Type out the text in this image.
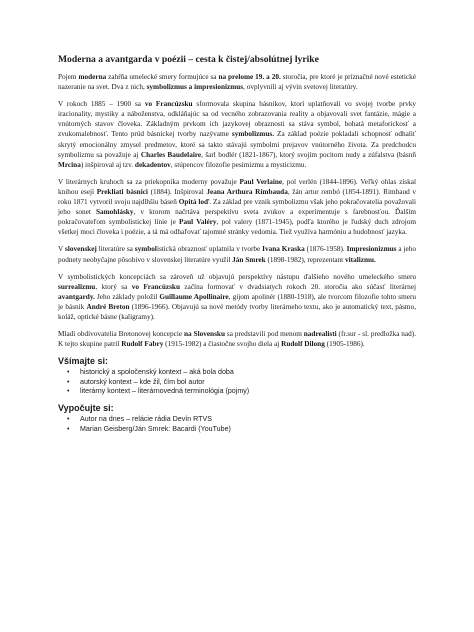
Moderna a avantgarda v poézii – cesta k čistej/absolútnej lyrike

Pojem moderna zahŕňa umelecké smery formujúce sa na prelome 19. a 20. storočia, pre ktoré je príznačné nové estetické nazeranie na svet. Dva z nich, symbolizmus a impresionizmus, ovplyvnili aj vývin svetovej literatúry.

V rokoch 1885 – 1900 sa vo Francúzsku sformovala skupina básnikov, ktorí uplatňovali vo svojej tvorbe prvky iracionality, mystiky a náboženstva, odkláňajúc sa od vecného zobrazovania reality a objavovali svet fantázie, mágie a vnútorných stavov človeka. Základným prvkom ich jazykovej obraznosti sa stáva symbol, bohatá metaforickosť a zvukomalebnosť. Tento prúd básnickej tvorby nazývame symbolizmus. Za základ poézie pokladali schopnosť odhaliť skrytý emocionálny zmysel predmetov, ktoré sa takto stávajú symbolmi prejavov vnútorného života. Za predchodcu symbolizmu sa považuje aj Charles Baudelaire, šarl bodlér (1821-1867), ktorý svojím pocitom nudy a zúfalstva (básnň Mrcina) inšpiroval aj tzv. dekadentov, stúpencov filozofie pesimizmu a mysticizmu.

V literárnych kruhoch sa za priekopníka moderny považuje Paul Verlaine, pol verlén (1844-1896). Veľký ohlas získal knihou esejí Prekliati básnici (1884). Inšpiroval Jeana Arthura Rimbauda, žán artur rembó (1854-1891). Rimbaud v roku 1871 vytvoril svoju najdlhšiu báseň Opitá loď. Za základ pre vznik symbolizmu však jeho pokračovatelia považovali jeho sonet Samohlásky, v ktorom načrtáva perspektívu sveta zvukov a experimentuje s farebnosťou. Ďalším pokračovateľom symbolistickej línie je Paul Valéry, pol valery (1871-1945), podľa ktorého je ľudský duch zdrojom všetkej moci človeka i poézie, a tá má odhaľovať tajomné stránky vedomia. Tiež využíva harmóniu a hudobnosť jazyka.

V slovenskej literatúre sa symbolistická obraznosť uplatnila v tvorbe Ivana Kraska (1876-1958). Impresionizmus a jeho podnety neobyčajne pôsobivo v slovenskej literatúre využil Ján Smrek (1898-1982), reprezentant vitalizmu.

V symbolistických koncepciách sa zároveň už objavujú perspektívy nástupu ďalšieho nového umeleckého smeru surrealizmu, ktorý sa vo Francúzsku začína formovať v dvadsiatych rokoch 20. storočia ako súčasť literárnej avantgardy. Jeho základy položil Guillaume Apollinaire, gijom apolinér (1880-1918), ale tvorcom filozofie tohto smeru je básnik André Breton (1896-1966). Objavujú sa nové metódy tvorby literárneho textu, ako je automatický text, pásmo, koláž, optické básne (kaligramy).

Mladí obdivovatelia Bretonovej koncepcie na Slovensku sa predstavili pod menom nadrealisti (fr.sur - sl. predložka nad). K tejto skupine patril Rudolf Fabry (1915-1982) a čiastočne svojho diela aj Rudolf Dilong (1905-1986).

Všímajte si:
• historický a spoločenský kontext – aká bola doba
• autorský kontext – kde žil, čím bol autor
• literárny kontext – literárnovedná terminológia (pojmy)
Vypočujte si:
• Autor na dnes – relácie rádia Devín RTVS
• Marian Geisberg/Ján Smrek: Bacardi (YouTube)
